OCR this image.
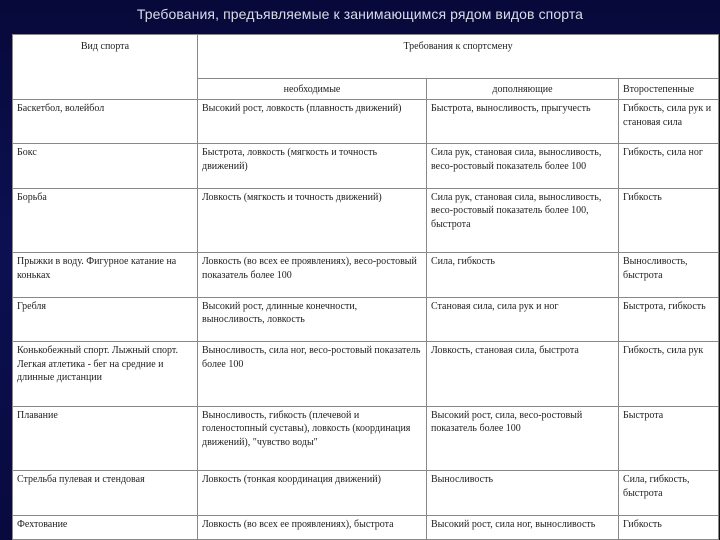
Требования, предъявляемые к занимающимся рядом видов спорта
Вид спорта	Требования к спортсмену		
	необходимые	дополняющие	Второстепенные
Баскетбол, волейбол	Высокий рост, ловкость (плавность движений)	Быстрота, выносливость, прыгучесть	Гибкость, сила рук и становая сила
Бокс	Быстрота, ловкость (мягкость и точность движений)	Сила рук, становая сила, выносливость, весо-ростовый показатель более 100	Гибкость, сила ног
Борьба	Ловкость (мягкость и точность движений)	Сила рук, становая сила, выносливость, весо-ростовый показатель более 100, быстрота	Гибкость
Прыжки в воду. Фигурное катание на коньках	Ловкость (во всех ее проявлениях), весо-ростовый показатель более 100	Сила, гибкость	Выносливость, быстрота
Гребля	Высокий рост, длинные конечности, выносливость, ловкость	Становая сила, сила рук и ног	Быстрота, гибкость
Конькобежный спорт. Лыжный спорт. Легкая атлетика - бег на средние и длинные дистанции	Выносливость, сила ног, весо-ростовый показатель более 100	Ловкость, становая сила, быстрота	Гибкость, сила рук
Плавание	Выносливость, гибкость (плечевой и голеностопный суставы), ловкость (координация движений), "чувство воды"	Высокий рост, сила, весо-ростовый показатель более 100	Быстрота
Стрельба пулевая и стендовая	Ловкость (тонкая координация движений)	Выносливость	Сила, гибкость, быстрота
Фехтование	Ловкость (во всех ее проявлениях), быстрота	Высокий рост, сила ног, выносливость	Гибкость
